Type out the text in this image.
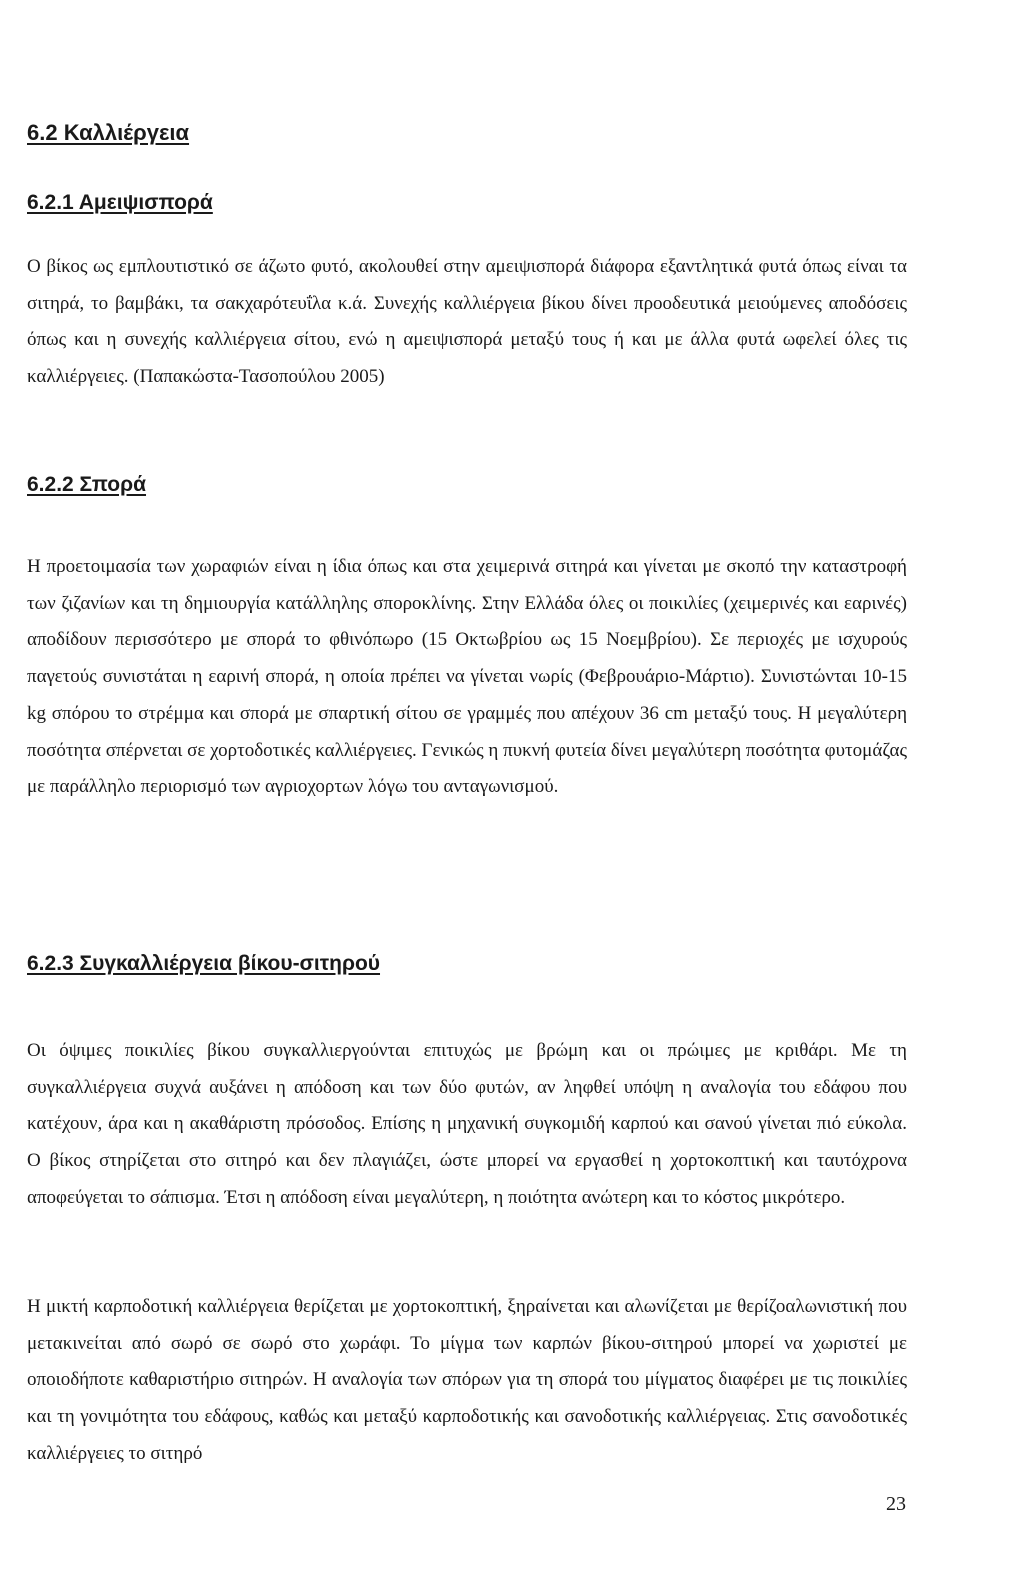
6.2 Καλλιέργεια
6.2.1 Αμειψισπορά

Ο βίκος ως εμπλουτιστικό σε άζωτο φυτό, ακολουθεί στην αμειψισπορά διάφορα εξαντλητικά φυτά όπως είναι τα σιτηρά, το βαμβάκι, τα σακχαρότευΐλα κ.ά. Συνεχής καλλιέργεια βίκου δίνει προοδευτικά μειούμενες αποδόσεις όπως και η συνεχής καλλιέργεια σίτου, ενώ η αμειψισπορά μεταξύ τους ή και με άλλα φυτά ωφελεί όλες τις καλλιέργειες. (Παπακώστα-Τασοπούλου 2005)

6.2.2 Σπορά

Η προετοιμασία των χωραφιών είναι η ίδια όπως και στα χειμερινά σιτηρά και γίνεται με σκοπό την καταστροφή των ζιζανίων και τη δημιουργία κατάλληλης σποροκλίνης. Στην Ελλάδα όλες οι ποικιλίες (χειμερινές και εαρινές) αποδίδουν περισσότερο με σπορά το φθινόπωρο (15 Οκτωβρίου ως 15 Νοεμβρίου). Σε περιοχές με ισχυρούς παγετούς συνιστάται η εαρινή σπορά, η οποία πρέπει να γίνεται νωρίς (Φεβρουάριο-Μάρτιο). Συνιστώνται 10-15 kg σπόρου το στρέμμα και σπορά με σπαρτική σίτου σε γραμμές που απέχουν 36 cm μεταξύ τους. Η μεγαλύτερη ποσότητα σπέρνεται σε χορτοδοτικές καλλιέργειες. Γενικώς η πυκνή φυτεία δίνει μεγαλύτερη ποσότητα φυτομάζας με παράλληλο περιορισμό των αγριοχορτων λόγω του ανταγωνισμού.

6.2.3 Συγκαλλιέργεια βίκου-σιτηρού

Οι όψιμες ποικιλίες βίκου συγκαλλιεργούνται επιτυχώς με βρώμη και οι πρώιμες με κριθάρι. Με τη συγκαλλιέργεια συχνά αυξάνει η απόδοση και των δύο φυτών, αν ληφθεί υπόψη η αναλογία του εδάφου που κατέχουν, άρα και η ακαθάριστη πρόσοδος. Επίσης η μηχανική συγκομιδή καρπού και σανού γίνεται πιό εύκολα. Ο βίκος στηρίζεται στο σιτηρό και δεν πλαγιάζει, ώστε μπορεί να εργασθεί η χορτοκοπτική και ταυτόχρονα αποφεύγεται το σάπισμα. Έτσι η απόδοση είναι μεγαλύτερη, η ποιότητα ανώτερη και το κόστος μικρότερο.

Η μικτή καρποδοτική καλλιέργεια θερίζεται με χορτοκοπτική, ξηραίνεται και αλωνίζεται με θερίζοαλωνιστική που μετακινείται από σωρό σε σωρό στο χωράφι. Το μίγμα των καρπών βίκου-σιτηρού μπορεί να χωριστεί με οποιοδήποτε καθαριστήριο σιτηρών. Η αναλογία των σπόρων για τη σπορά του μίγματος διαφέρει με τις ποικιλίες και τη γονιμότητα του εδάφους, καθώς και μεταξύ καρποδοτικής και σανοδοτικής καλλιέργειας. Στις σανοδοτικές καλλιέργειες το σιτηρό

23
